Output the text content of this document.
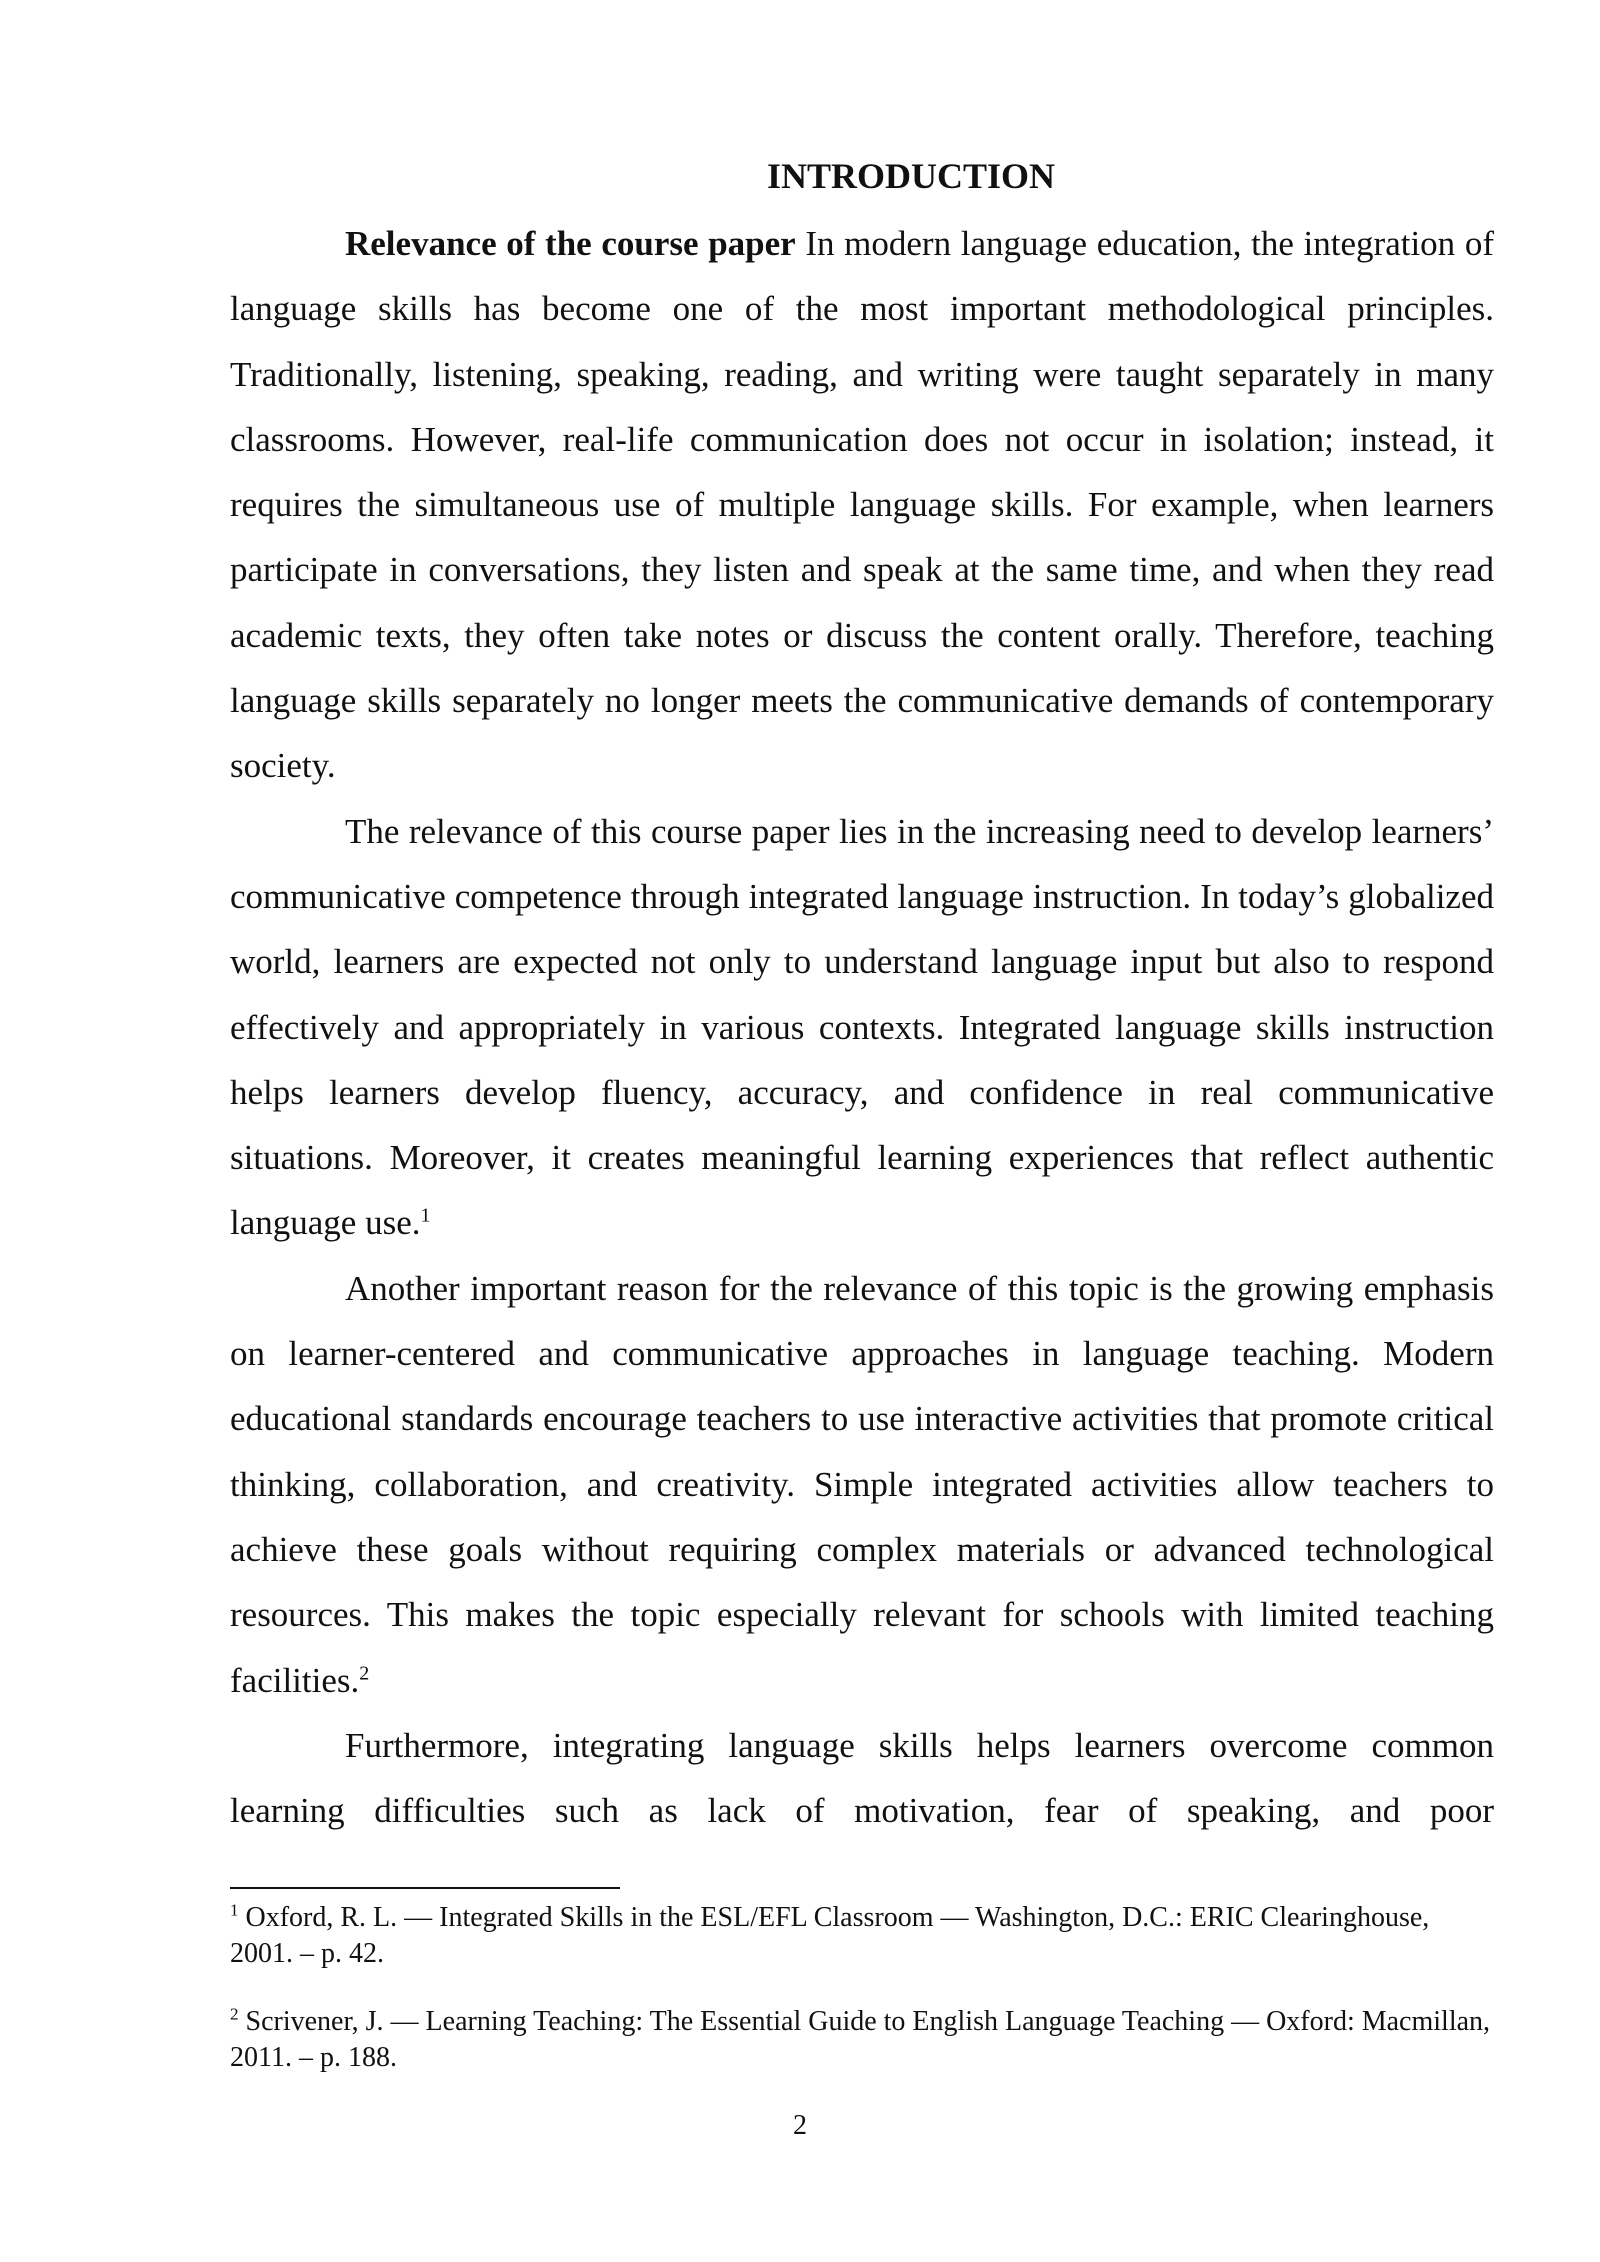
INTRODUCTION

Relevance of the course paper In modern language education, the integration of language skills has become one of the most important methodological principles. Traditionally, listening, speaking, reading, and writing were taught separately in many classrooms. However, real-life communication does not occur in isolation; instead, it requires the simultaneous use of multiple language skills. For example, when learners participate in conversations, they listen and speak at the same time, and when they read academic texts, they often take notes or discuss the content orally. Therefore, teaching language skills separately no longer meets the communicative demands of contemporary society.

The relevance of this course paper lies in the increasing need to develop learners’ communicative competence through integrated language instruction. In today’s globalized world, learners are expected not only to understand language input but also to respond effectively and appropriately in various contexts. Integrated language skills instruction helps learners develop fluency, accuracy, and confidence in real communicative situations. Moreover, it creates meaningful learning experiences that reflect authentic language use.$^1$

Another important reason for the relevance of this topic is the growing emphasis on learner-centered and communicative approaches in language teaching. Modern educational standards encourage teachers to use interactive activities that promote critical thinking, collaboration, and creativity. Simple integrated activities allow teachers to achieve these goals without requiring complex materials or advanced technological resources. This makes the topic especially relevant for schools with limited teaching facilities.$^2$

Furthermore, integrating language skills helps learners overcome common learning difficulties such as lack of motivation, fear of speaking, and poor

$^1$ Oxford, R. L. — Integrated Skills in the ESL/EFL Classroom — Washington, D.C.: ERIC Clearinghouse, 2001. – p. 42.

$^2$ Scrivener, J. — Learning Teaching: The Essential Guide to English Language Teaching — Oxford: Macmillan, 2011. – p. 188.

2
